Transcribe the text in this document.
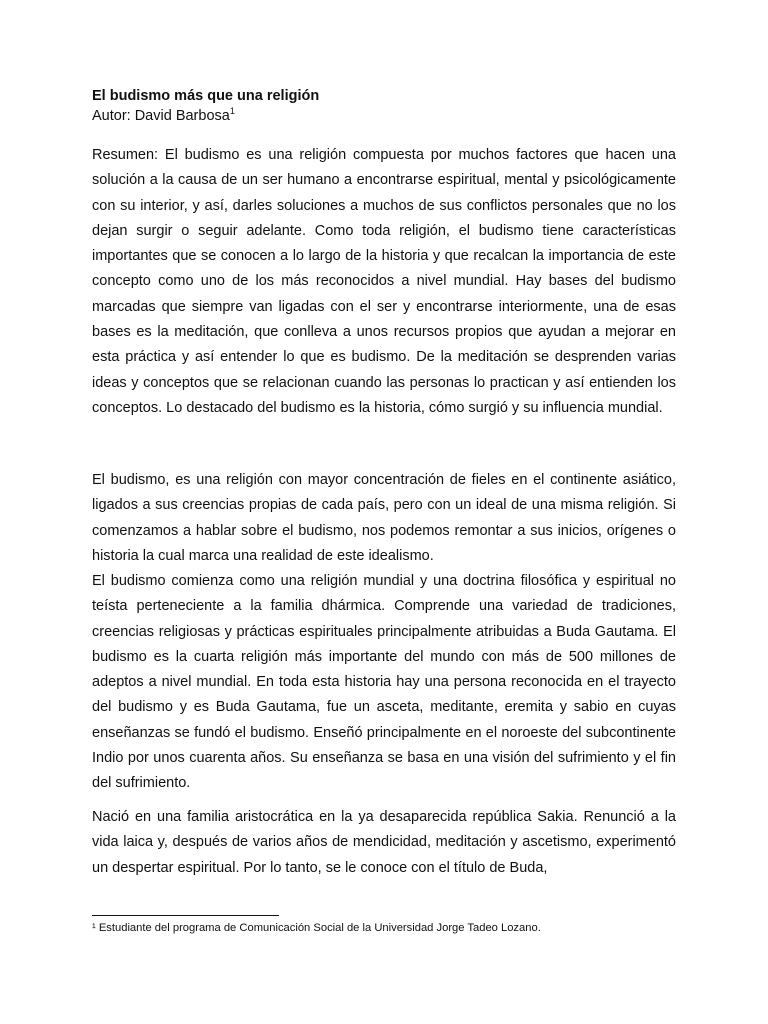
El budismo más que una religión
Autor: David Barbosa$^1$

Resumen: El budismo es una religión compuesta por muchos factores que hacen una solución a la causa de un ser humano a encontrarse espiritual, mental y psicológicamente con su interior, y así, darles soluciones a muchos de sus conflictos personales que no los dejan surgir o seguir adelante. Como toda religión, el budismo tiene características importantes que se conocen a lo largo de la historia y que recalcan la importancia de este concepto como uno de los más reconocidos a nivel mundial. Hay bases del budismo marcadas que siempre van ligadas con el ser y encontrarse interiormente, una de esas bases es la meditación, que conlleva a unos recursos propios que ayudan a mejorar en esta práctica y así entender lo que es budismo. De la meditación se desprenden varias ideas y conceptos que se relacionan cuando las personas lo practican y así entienden los conceptos. Lo destacado del budismo es la historia, cómo surgió y su influencia mundial.

El budismo, es una religión con mayor concentración de fieles en el continente asiático, ligados a sus creencias propias de cada país, pero con un ideal de una misma religión. Si comenzamos a hablar sobre el budismo, nos podemos remontar a sus inicios, orígenes o historia la cual marca una realidad de este idealismo.

El budismo comienza como una religión mundial y una doctrina filosófica y espiritual no teísta perteneciente a la familia dhármica. Comprende una variedad de tradiciones, creencias religiosas y prácticas espirituales principalmente atribuidas a Buda Gautama. El budismo es la cuarta religión más importante del mundo con más de 500 millones de adeptos a nivel mundial. En toda esta historia hay una persona reconocida en el trayecto del budismo y es Buda Gautama, fue un asceta, meditante, eremita y sabio en cuyas enseñanzas se fundó el budismo. Enseñó principalmente en el noroeste del subcontinente Indio por unos cuarenta años. Su enseñanza se basa en una visión del sufrimiento y el fin del sufrimiento.

Nació en una familia aristocrática en la ya desaparecida república Sakia. Renunció a la vida laica y, después de varios años de mendicidad, meditación y ascetismo, experimentó un despertar espiritual. Por lo tanto, se le conoce con el título de Buda,

¹ Estudiante del programa de Comunicación Social de la Universidad Jorge Tadeo Lozano.
